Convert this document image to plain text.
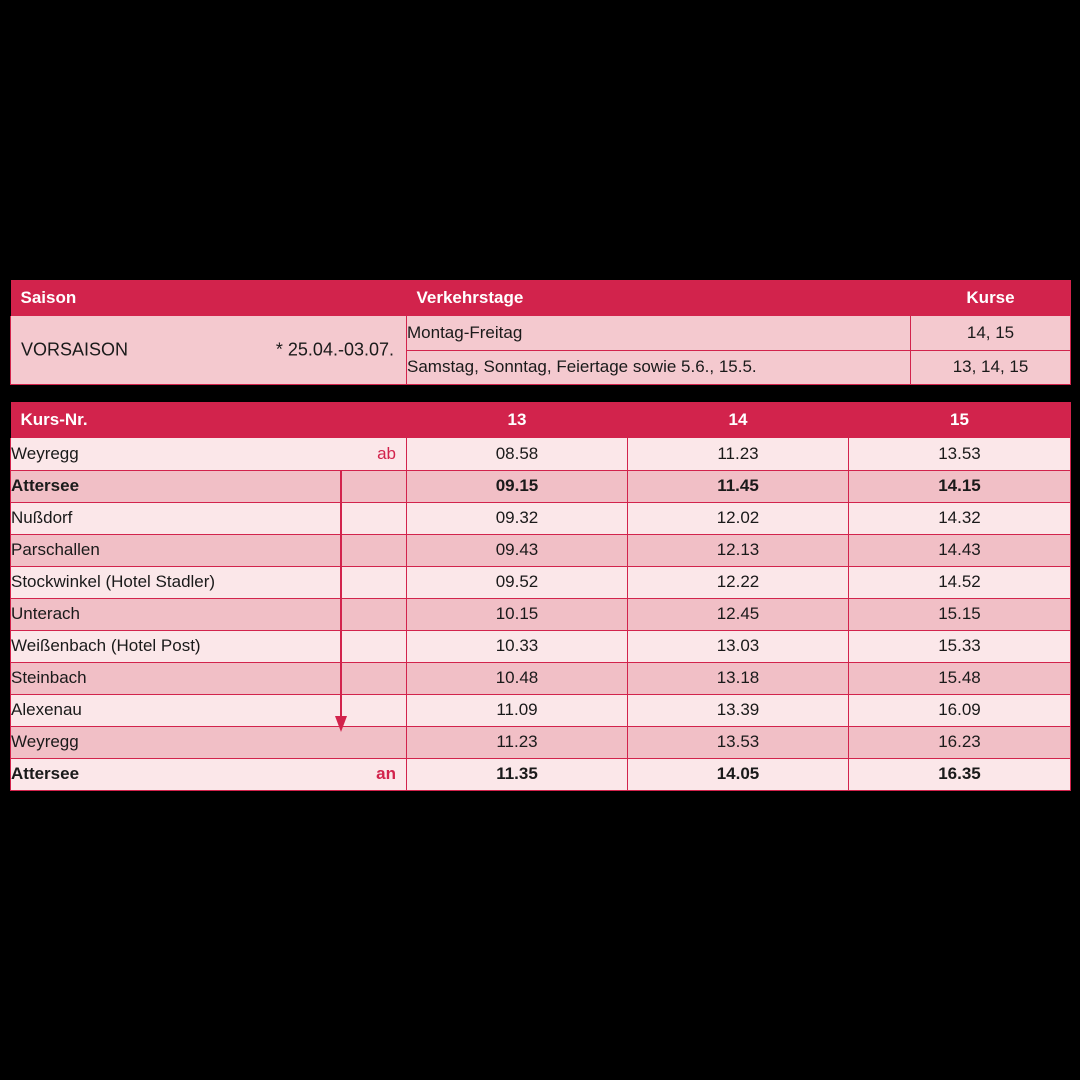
Saison	Verkehrstage	Kurse

VORSAISON * 25.04.-03.07.	Montag-Freitag	14, 15
	Samstag, Sonntag, Feiertage sowie 5.6., 15.5.	13, 14, 15
Kurs-Nr.	13	14	15
Weyregg ab	08.58	11.23	13.53
Attersee	09.15	11.45	14.15
Nußdorf	09.32	12.02	14.32
Parschallen	09.43	12.13	14.43
Stockwinkel (Hotel Stadler)	09.52	12.22	14.52
Unterach	10.15	12.45	15.15
Weißenbach (Hotel Post)	10.33	13.03	15.33
Steinbach	10.48	13.18	15.48
Alexenau	11.09	13.39	16.09
Weyregg	11.23	13.53	16.23
Attersee an	11.35	14.05	16.35
